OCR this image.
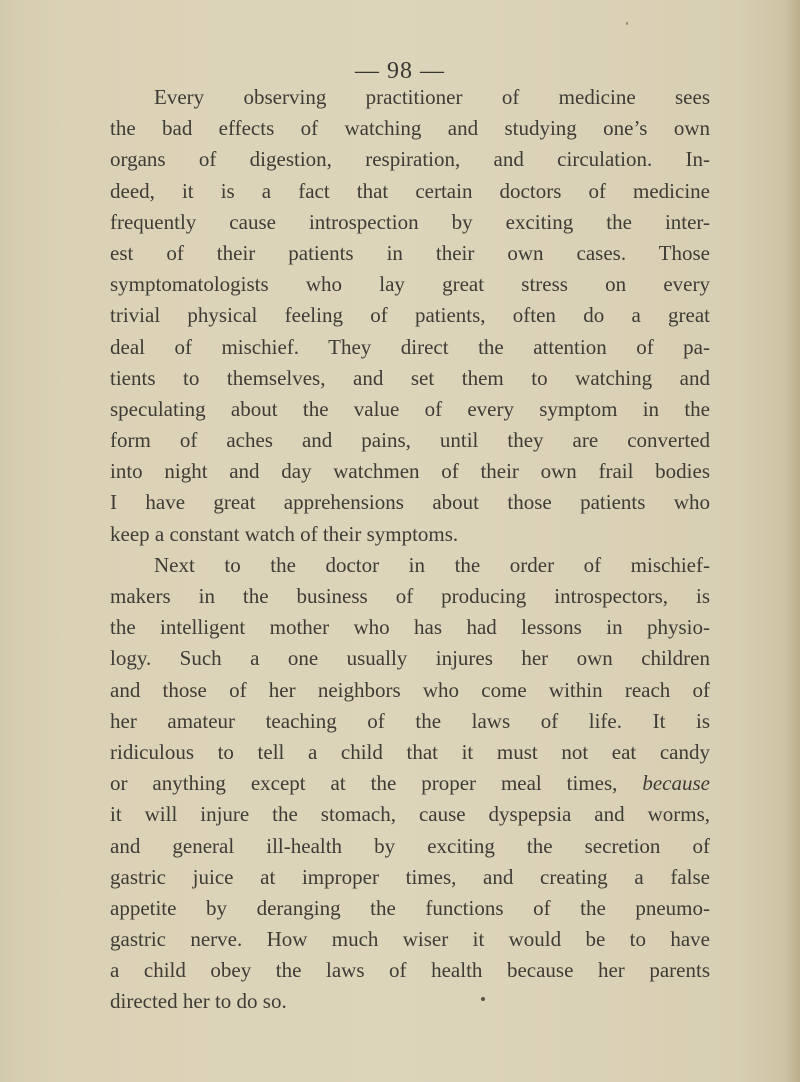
— 98 —
Every observing practitioner of medicine sees
the bad effects of watching and studying one’s own
organs of digestion, respiration, and circulation. In-
deed, it is a fact that certain doctors of medicine
frequently cause introspection by exciting the inter-
est of their patients in their own cases. Those
symptomatologists who lay great stress on every
trivial physical feeling of patients, often do a great
deal of mischief. They direct the attention of pa-
tients to themselves, and set them to watching and
speculating about the value of every symptom in the
form of aches and pains, until they are converted
into night and day watchmen of their own frail bodies
I have great apprehensions about those patients who
keep a constant watch of their symptoms.
Next to the doctor in the order of mischief-
makers in the business of producing introspectors, is
the intelligent mother who has had lessons in physio-
logy. Such a one usually injures her own children
and those of her neighbors who come within reach of
her amateur teaching of the laws of life. It is
ridiculous to tell a child that it must not eat candy
or anything except at the proper meal times, because
it will injure the stomach, cause dyspepsia and worms,
and general ill-health by exciting the secretion of
gastric juice at improper times, and creating a false
appetite by deranging the functions of the pneumo-
gastric nerve. How much wiser it would be to have
a child obey the laws of health because her parents
directed her to do so.
